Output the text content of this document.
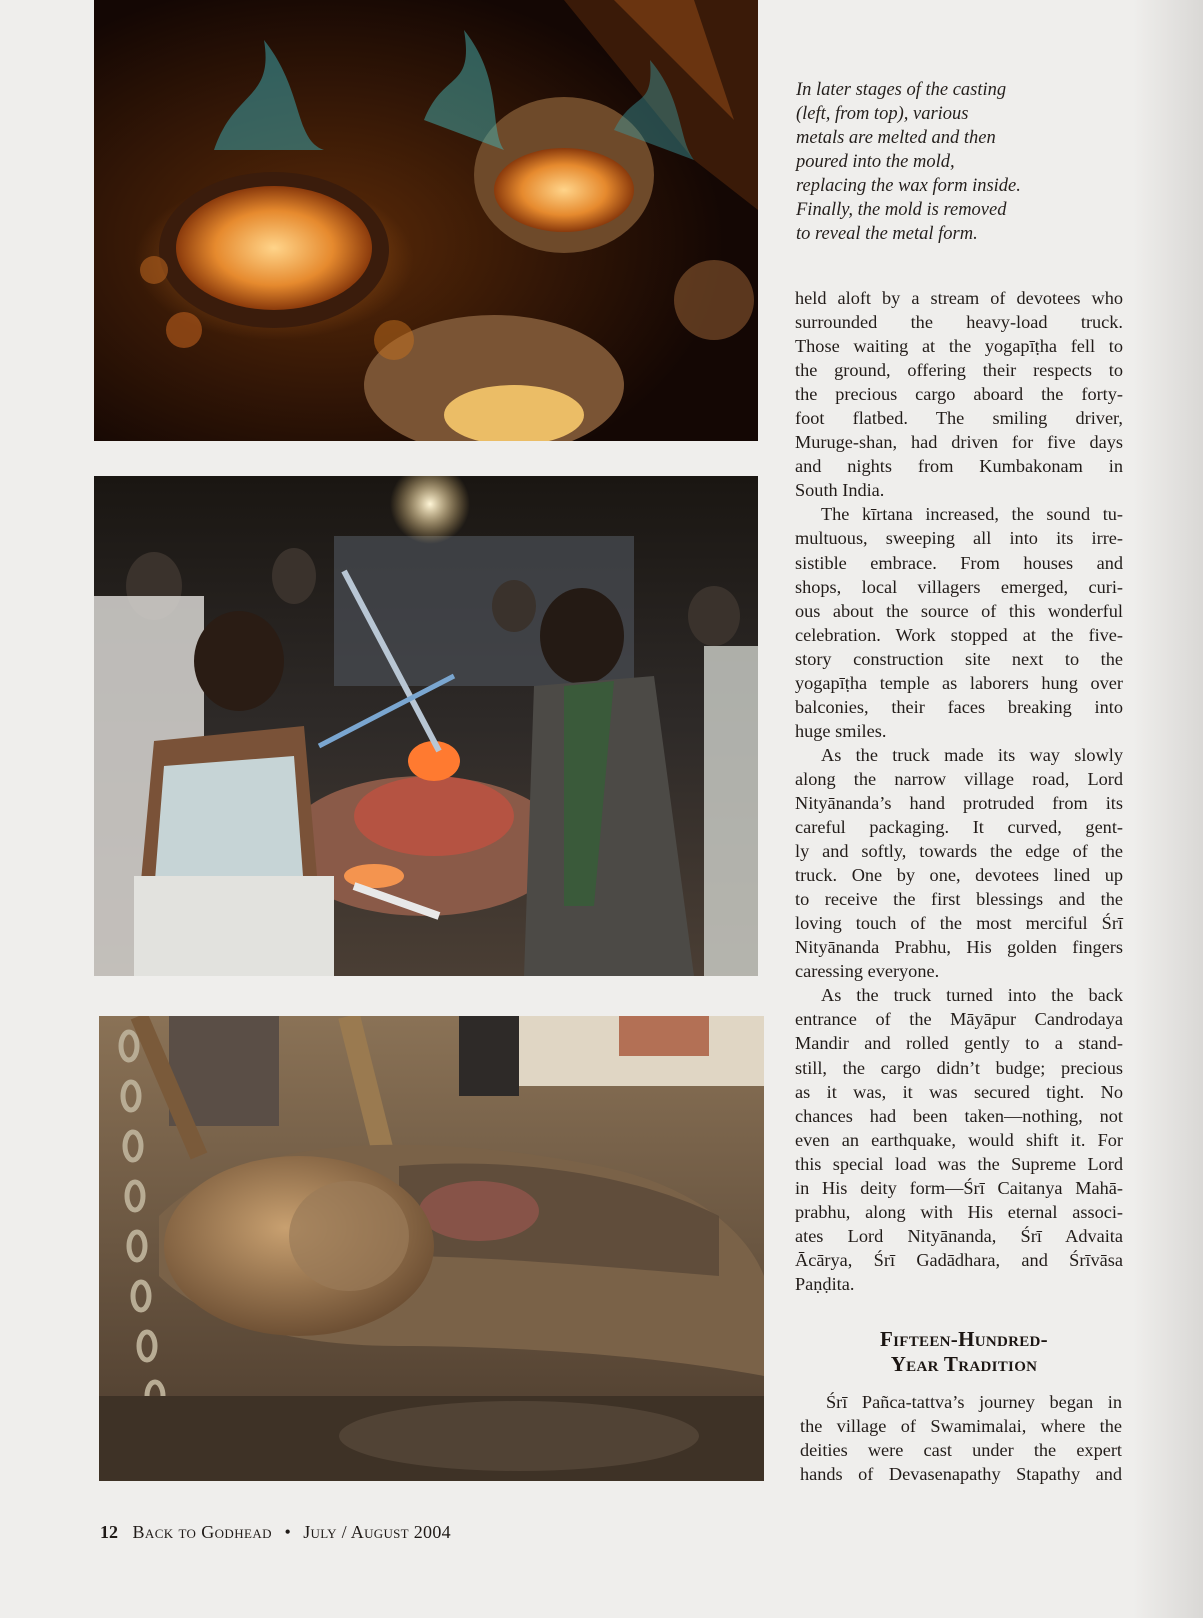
In later stages of the casting
(left, from top), various
metals are melted and then
poured into the mold,
replacing the wax form inside.
Finally, the mold is removed
to reveal the metal form.
held aloft by a stream of devotees who
surrounded the heavy-load truck.
Those waiting at the yogapīṭha fell to
the ground, offering their respects to
the precious cargo aboard the forty-
foot flatbed. The smiling driver,
Muruge-shan, had driven for five days
and nights from Kumbakonam in
South India.
The kīrtana increased, the sound tu-
multuous, sweeping all into its irre-
sistible embrace. From houses and
shops, local villagers emerged, curi-
ous about the source of this wonderful
celebration. Work stopped at the five-
story construction site next to the
yogapīṭha temple as laborers hung over
balconies, their faces breaking into
huge smiles.
As the truck made its way slowly
along the narrow village road, Lord
Nityānanda’s hand protruded from its
careful packaging. It curved, gent-
ly and softly, towards the edge of the
truck. One by one, devotees lined up
to receive the first blessings and the
loving touch of the most merciful Śrī
Nityānanda Prabhu, His golden fingers
caressing everyone.
As the truck turned into the back
entrance of the Māyāpur Candrodaya
Mandir and rolled gently to a stand-
still, the cargo didn’t budge; precious
as it was, it was secured tight. No
chances had been taken—nothing, not
even an earthquake, would shift it. For
this special load was the Supreme Lord
in His deity form—Śrī Caitanya Mahā-
prabhu, along with His eternal associ-
ates Lord Nityānanda, Śrī Advaita
Ācārya, Śrī Gadādhara, and Śrīvāsa
Paṇḍita.
Fifteen-Hundred-
Year Tradition
Śrī Pañca-tattva’s journey began in
the village of Swamimalai, where the
deities were cast under the expert
hands of Devasenapathy Stapathy and
12 Back to Godhead • July / August 2004
